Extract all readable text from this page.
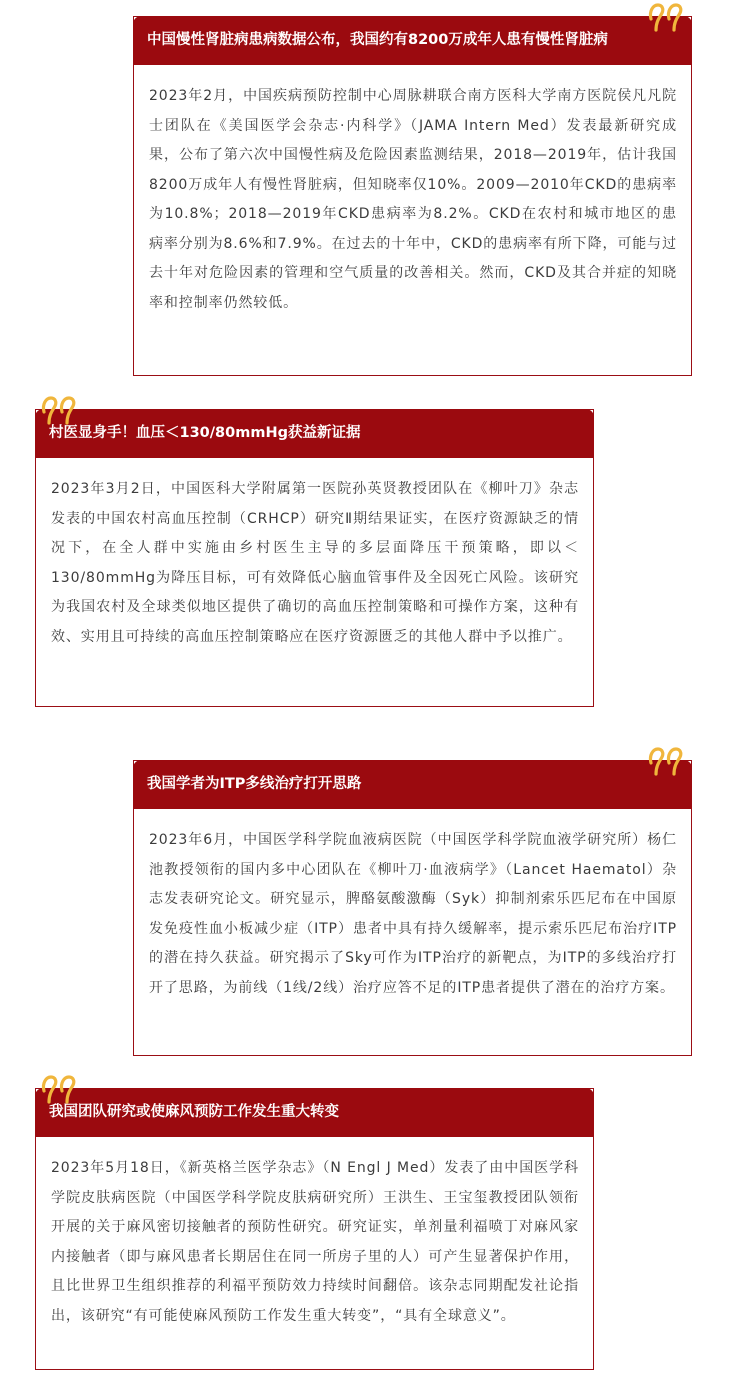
中国慢性肾脏病患病数据公布，我国约有8200万成年人患有慢性肾脏病
2023年2月，中国疾病预防控制中心周脉耕联合南方医科大学南方医院侯凡凡院士团队在《美国医学会杂志·内科学》（JAMA Intern Med）发表最新研究成果，公布了第六次中国慢性病及危险因素监测结果，2018—2019年，估计我国8200万成年人有慢性肾脏病，但知晓率仅10%。2009—2010年CKD的患病率为10.8%；2018—2019年CKD患病率为8.2%。CKD在农村和城市地区的患病率分别为8.6%和7.9%。在过去的十年中，CKD的患病率有所下降，可能与过去十年对危险因素的管理和空气质量的改善相关。然而，CKD及其合并症的知晓率和控制率仍然较低。
村医显身手！血压＜130/80mmHg获益新证据
2023年3月2日，中国医科大学附属第一医院孙英贤教授团队在《柳叶刀》杂志发表的中国农村高血压控制（CRHCP）研究Ⅱ期结果证实，在医疗资源缺乏的情况下，在全人群中实施由乡村医生主导的多层面降压干预策略，即以＜130/80mmHg为降压目标，可有效降低心脑血管事件及全因死亡风险。该研究为我国农村及全球类似地区提供了确切的高血压控制策略和可操作方案，这种有效、实用且可持续的高血压控制策略应在医疗资源匮乏的其他人群中予以推广。
我国学者为ITP多线治疗打开思路
2023年6月，中国医学科学院血液病医院（中国医学科学院血液学研究所）杨仁池教授领衔的国内多中心团队在《柳叶刀·血液病学》（Lancet Haematol）杂志发表研究论文。研究显示，脾酪氨酸激酶（Syk）抑制剂索乐匹尼布在中国原发免疫性血小板减少症（ITP）患者中具有持久缓解率，提示索乐匹尼布治疗ITP的潜在持久获益。研究揭示了Sky可作为ITP治疗的新靶点，为ITP的多线治疗打开了思路，为前线（1线/2线）治疗应答不足的ITP患者提供了潜在的治疗方案。
我国团队研究或使麻风预防工作发生重大转变
2023年5月18日，《新英格兰医学杂志》（N Engl J Med）发表了由中国医学科学院皮肤病医院（中国医学科学院皮肤病研究所）王洪生、王宝玺教授团队领衔开展的关于麻风密切接触者的预防性研究。研究证实，单剂量利福喷丁对麻风家内接触者（即与麻风患者长期居住在同一所房子里的人）可产生显著保护作用，且比世界卫生组织推荐的利福平预防效力持续时间翻倍。该杂志同期配发社论指出，该研究“有可能使麻风预防工作发生重大转变”，“具有全球意义”。
